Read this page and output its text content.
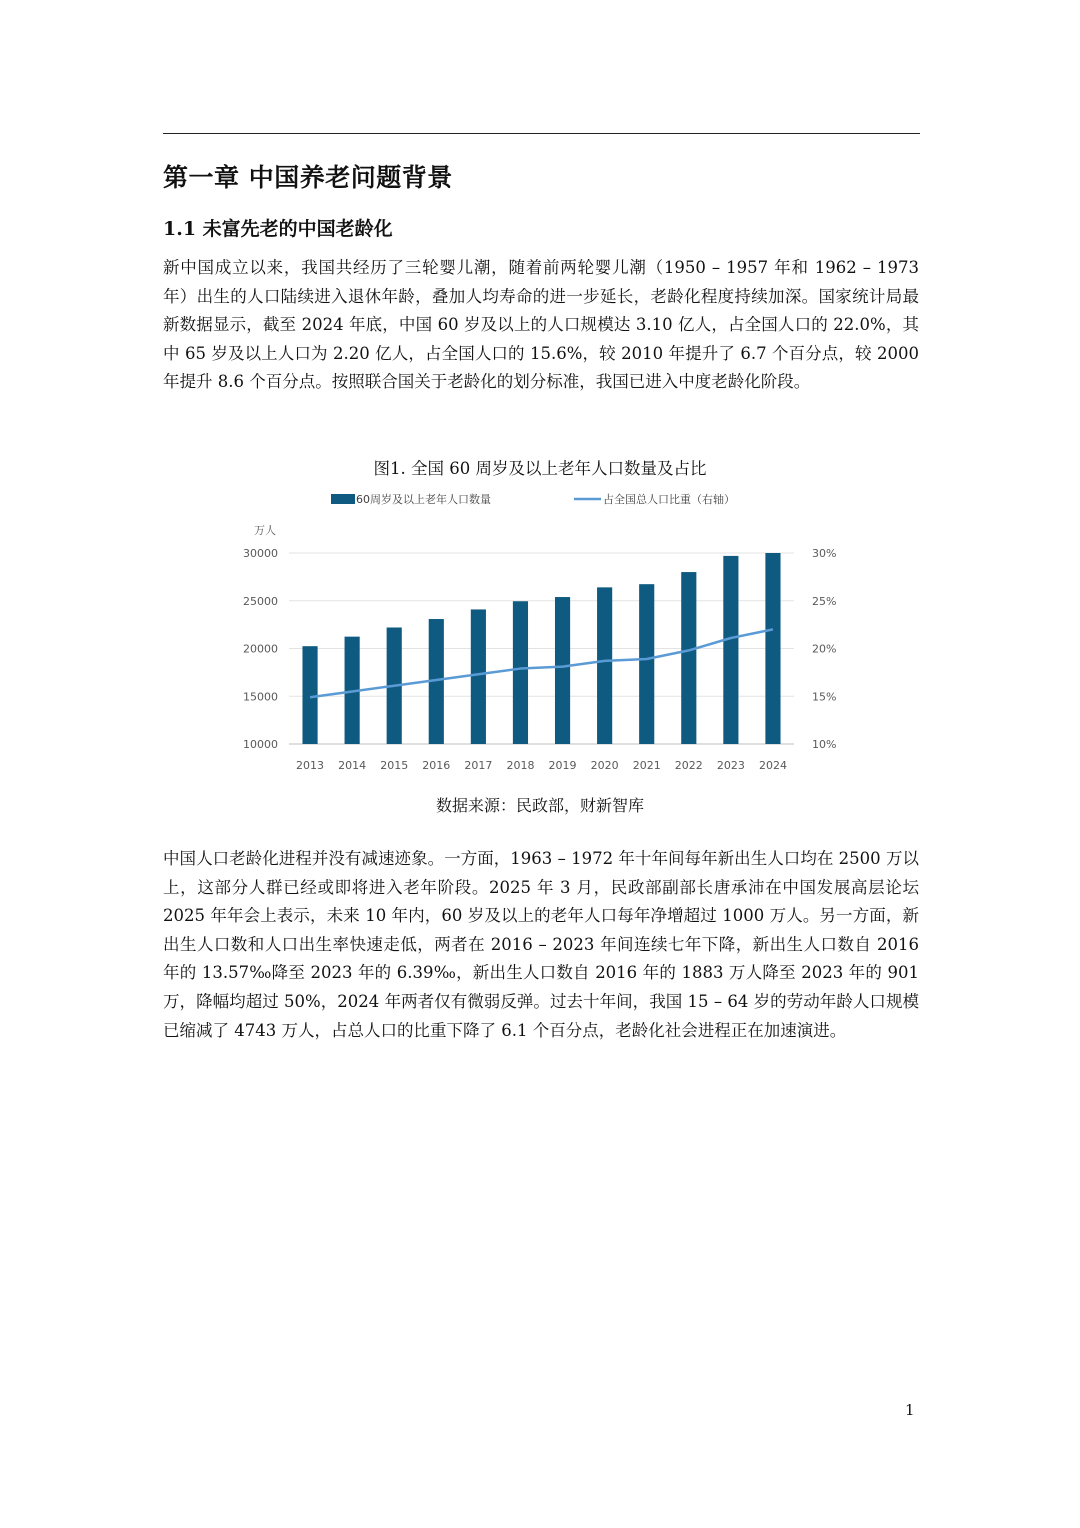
第一章 中国养老问题背景
1.1 未富先老的中国老龄化

新中国成立以来，我国共经历了三轮婴儿潮，随着前两轮婴儿潮（1950 – 1957 年和 1962 – 1973 年）出生的人口陆续进入退休年龄，叠加人均寿命的进一步延长，老龄化程度持续加深。国家统计局最新数据显示，截至 2024 年底，中国 60 岁及以上的人口规模达 3.10 亿人，占全国人口的 22.0%，其中 65 岁及以上人口为 2.20 亿人，占全国人口的 15.6%，较 2010 年提升了 6.7 个百分点，较 2000 年提升 8.6 个百分点。按照联合国关于老龄化的划分标准，我国已进入中度老龄化阶段。

图1. 全国 60 周岁及以上老年人口数量及占比
60周岁及以上老年人口数量	占全国总人口比重（右轴）
10000	10%
15000	15%
20000	20%
25000	25%
30000	30%
万人
2013 2014 2015 2016 2017 2018 2019 2020 2021 2022 2023 2024
数据来源：民政部，财新智库

中国人口老龄化进程并没有减速迹象。一方面，1963 – 1972 年十年间每年新出生人口均在 2500 万以上，这部分人群已经或即将进入老年阶段。2025 年 3 月，民政部副部长唐承沛在中国发展高层论坛 2025 年年会上表示，未来 10 年内，60 岁及以上的老年人口每年净增超过 1000 万人。另一方面，新出生人口数和人口出生率快速走低，两者在 2016 – 2023 年间连续七年下降，新出生人口数自 2016 年的 13.57‰降至 2023 年的 6.39‰，新出生人口数自 2016 年的 1883 万人降至 2023 年的 901 万，降幅均超过 50%，2024 年两者仅有微弱反弹。过去十年间，我国 15 – 64 岁的劳动年龄人口规模已缩减了 4743 万人，占总人口的比重下降了 6.1 个百分点，老龄化社会进程正在加速演进。

1
